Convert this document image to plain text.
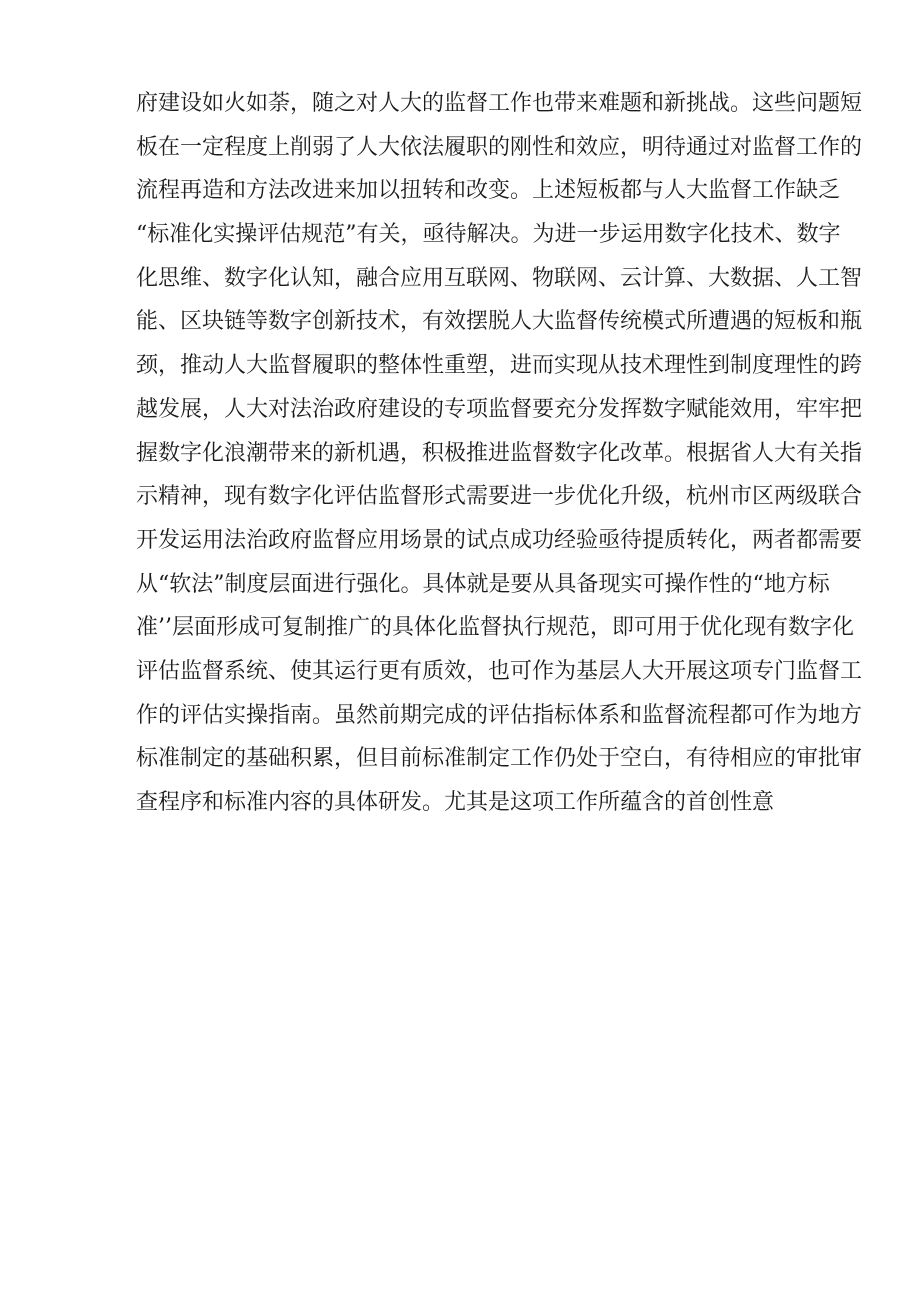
府建设如火如荼，随之对人大的监督工作也带来难题和新挑战。这些问题短
板在一定程度上削弱了人大依法履职的刚性和效应，明待通过对监督工作的
流程再造和方法改进来加以扭转和改变。上述短板都与人大监督工作缺乏
“标准化实操评估规范”有关，亟待解决。为进一步运用数字化技术、数字
化思维、数字化认知，融合应用互联网、物联网、云计算、大数据、人工智
能、区块链等数字创新技术，有效摆脱人大监督传统模式所遭遇的短板和瓶
颈，推动人大监督履职的整体性重塑，进而实现从技术理性到制度理性的跨
越发展，人大对法治政府建设的专项监督要充分发挥数字赋能效用，牢牢把
握数字化浪潮带来的新机遇，积极推进监督数字化改革。根据省人大有关指
示精神，现有数字化评估监督形式需要进一步优化升级，杭州市区两级联合
开发运用法治政府监督应用场景的试点成功经验亟待提质转化，两者都需要
从“软法”制度层面进行强化。具体就是要从具备现实可操作性的“地方标
准’’层面形成可复制推广的具体化监督执行规范，即可用于优化现有数字化
评估监督系统、使其运行更有质效，也可作为基层人大开展这项专门监督工
作的评估实操指南。虽然前期完成的评估指标体系和监督流程都可作为地方
标准制定的基础积累，但目前标准制定工作仍处于空白，有待相应的审批审
查程序和标准内容的具体研发。尤其是这项工作所蕴含的首创性意
